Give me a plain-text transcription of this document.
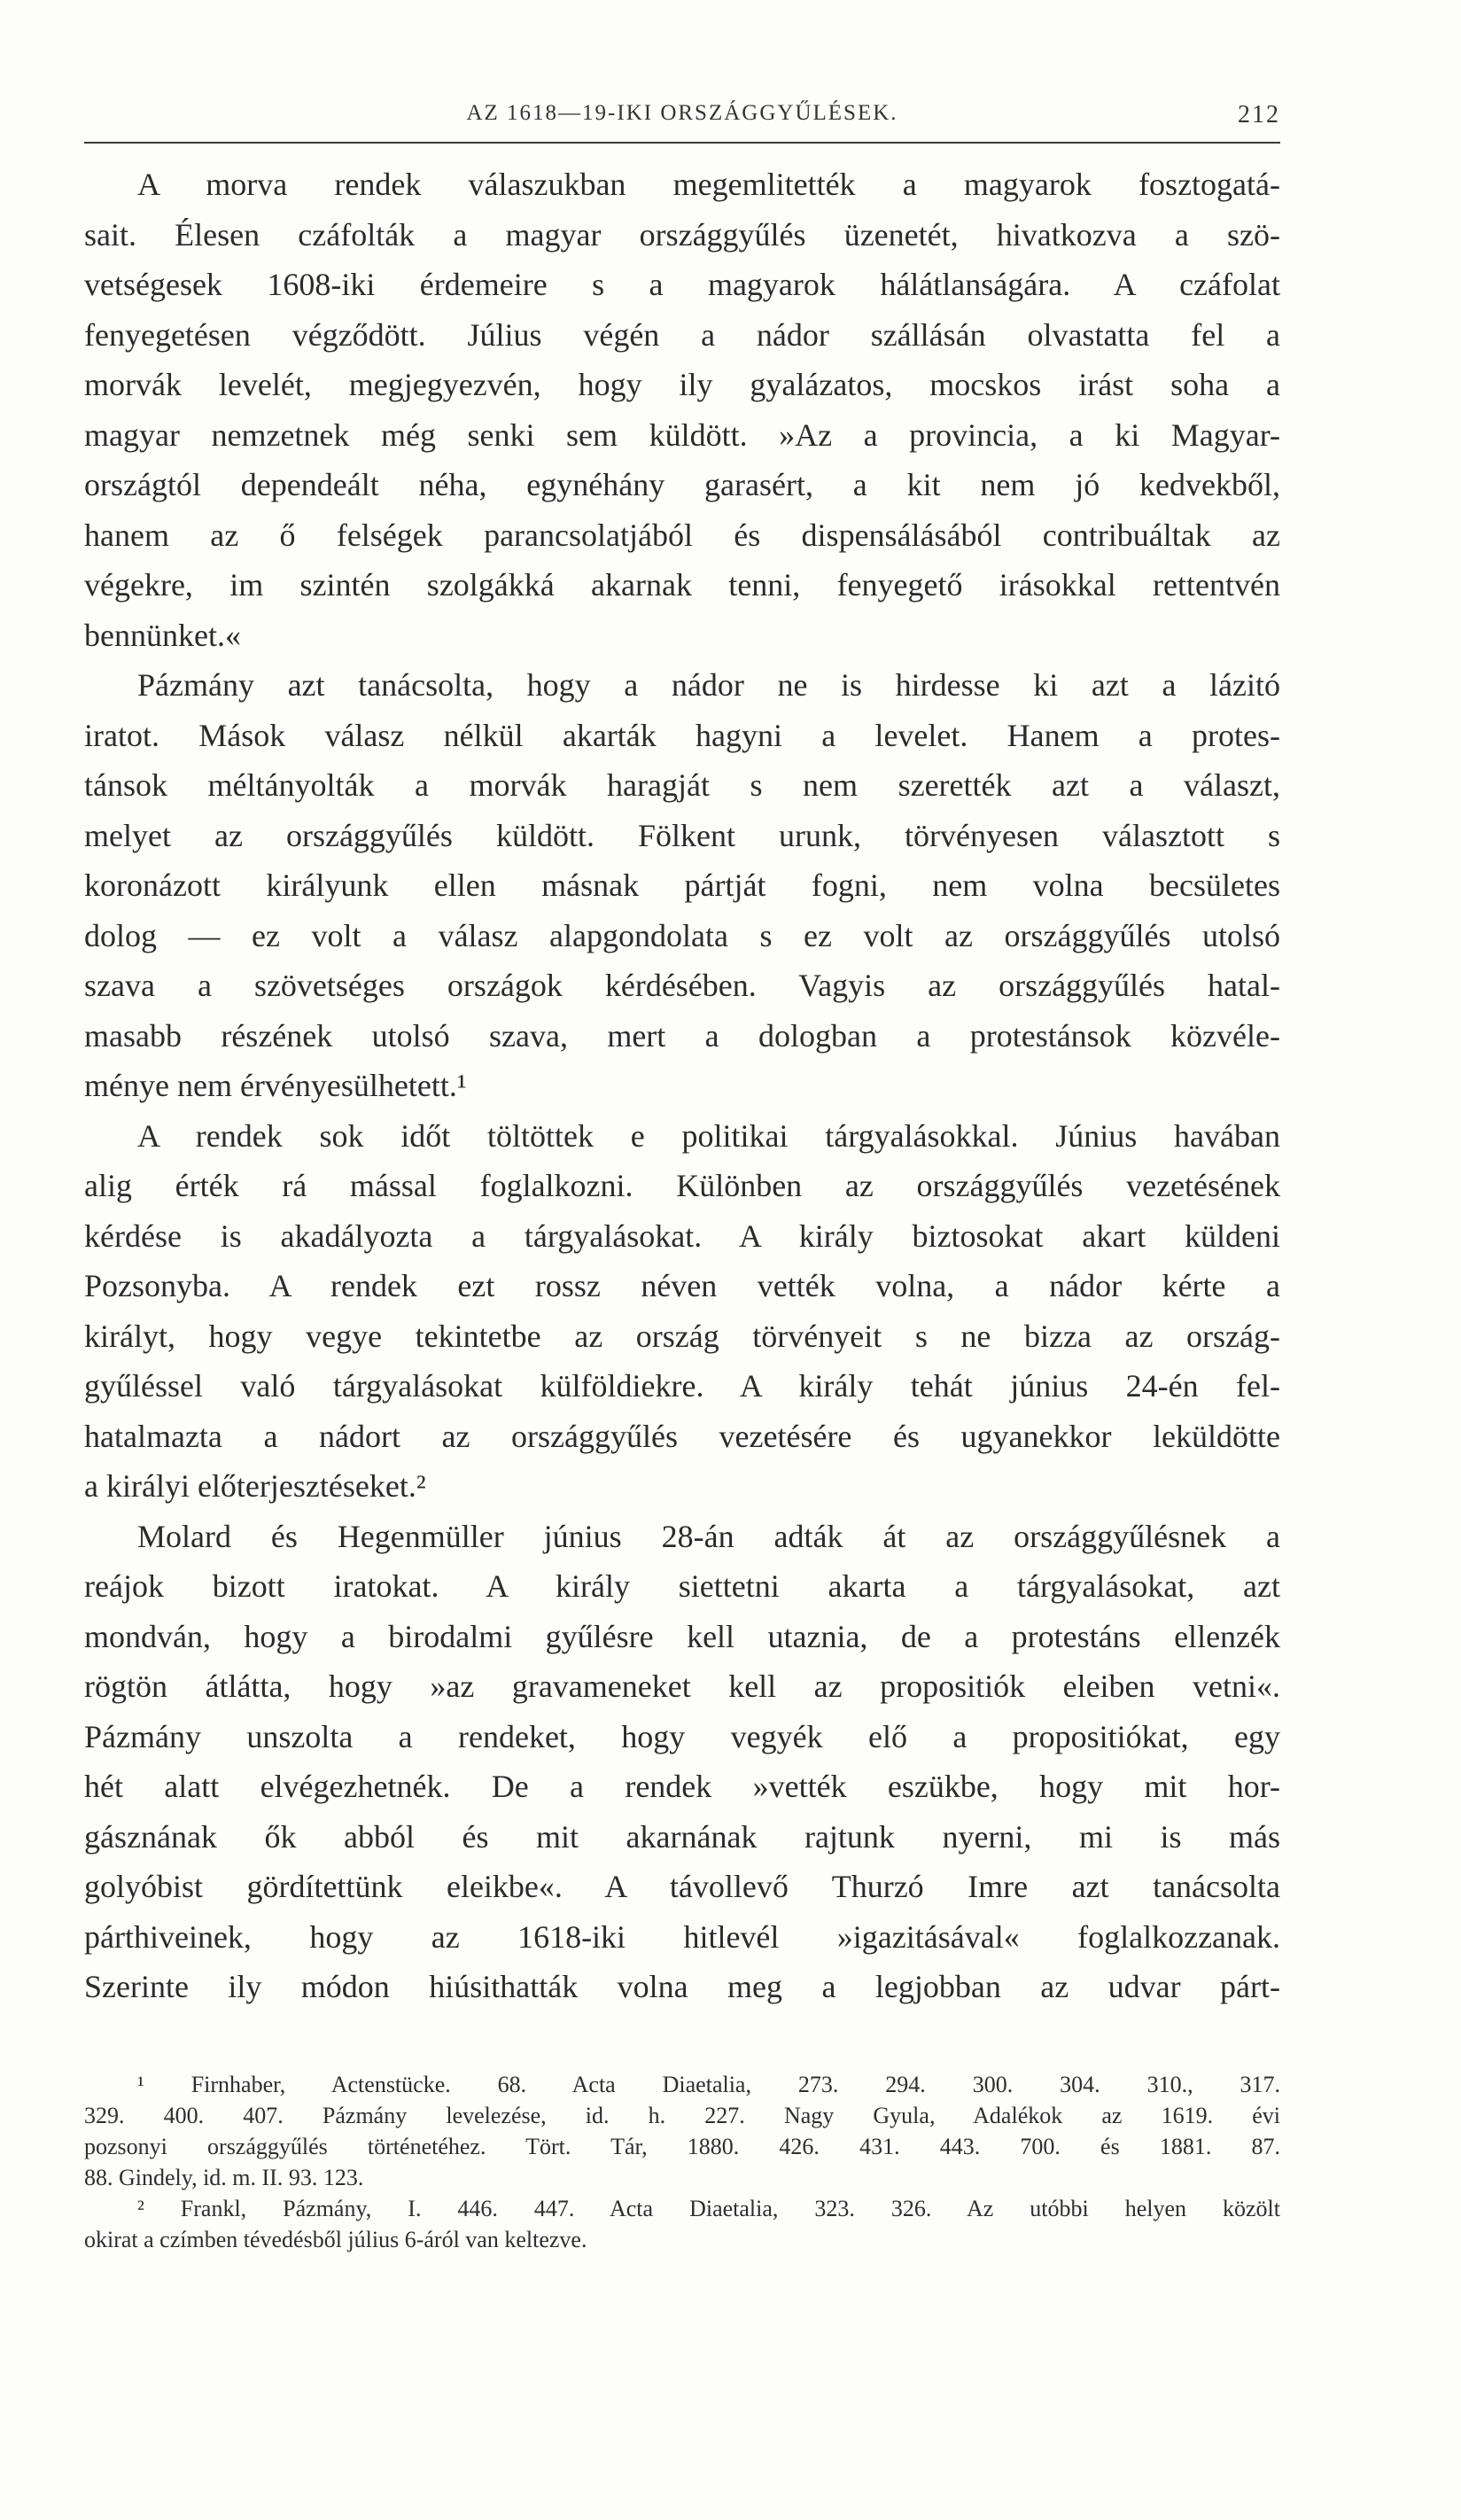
AZ 1618—19-IKI ORSZÁGGYŰLÉSEK.	212
A morva rendek válaszukban megemlitették a magyarok fosztogatá-
sait. Élesen czáfolták a magyar országgyűlés üzenetét, hivatkozva a szö-
vetségesek 1608-iki érdemeire s a magyarok hálátlanságára. A czáfolat
fenyegetésen végződött. Július végén a nádor szállásán olvastatta fel a
morvák levelét, megjegyezvén, hogy ily gyalázatos, mocskos irást soha a
magyar nemzetnek még senki sem küldött. »Az a provincia, a ki Magyar-
országtól dependeált néha, egynéhány garasért, a kit nem jó kedvekből,
hanem az ő felségek parancsolatjából és dispensálásából contribuáltak az
végekre, im szintén szolgákká akarnak tenni, fenyegető irásokkal rettentvén
bennünket.«
Pázmány azt tanácsolta, hogy a nádor ne is hirdesse ki azt a lázitó
iratot. Mások válasz nélkül akarták hagyni a levelet. Hanem a protes-
tánsok méltányolták a morvák haragját s nem szerették azt a választ,
melyet az országgyűlés küldött. Fölkent urunk, törvényesen választott s
koronázott királyunk ellen másnak pártját fogni, nem volna becsületes
dolog — ez volt a válasz alapgondolata s ez volt az országgyűlés utolsó
szava a szövetséges országok kérdésében. Vagyis az országgyűlés hatal-
masabb részének utolsó szava, mert a dologban a protestánsok közvéle-
ménye nem érvényesülhetett.¹
A rendek sok időt töltöttek e politikai tárgyalásokkal. Június havában
alig érték rá mással foglalkozni. Különben az országgyűlés vezetésének
kérdése is akadályozta a tárgyalásokat. A király biztosokat akart küldeni
Pozsonyba. A rendek ezt rossz néven vették volna, a nádor kérte a
királyt, hogy vegye tekintetbe az ország törvényeit s ne bizza az ország-
gyűléssel való tárgyalásokat külföldiekre. A király tehát június 24-én fel-
hatalmazta a nádort az országgyűlés vezetésére és ugyanekkor leküldötte
a királyi előterjesztéseket.²
Molard és Hegenmüller június 28-án adták át az országgyűlésnek a
reájok bizott iratokat. A király siettetni akarta a tárgyalásokat, azt
mondván, hogy a birodalmi gyűlésre kell utaznia, de a protestáns ellenzék
rögtön átlátta, hogy »az gravameneket kell az propositiók eleiben vetni«.
Pázmány unszolta a rendeket, hogy vegyék elő a propositiókat, egy
hét alatt elvégezhetnék. De a rendek »vették eszükbe, hogy mit hor-
gásznának ők abból és mit akarnának rajtunk nyerni, mi is más
golyóbist gördítettünk eleikbe«. A távollevő Thurzó Imre azt tanácsolta
párthiveinek, hogy az 1618-iki hitlevél »igazitásával« foglalkozzanak.
Szerinte ily módon hiúsithatták volna meg a legjobban az udvar párt-
¹ Firnhaber, Actenstücke. 68. Acta Diaetalia, 273. 294. 300. 304. 310., 317.
329. 400. 407. Pázmány levelezése, id. h. 227. Nagy Gyula, Adalékok az 1619. évi
pozsonyi országgyűlés történetéhez. Tört. Tár, 1880. 426. 431. 443. 700. és 1881. 87.
88. Gindely, id. m. II. 93. 123.
² Frankl, Pázmány, I. 446. 447. Acta Diaetalia, 323. 326. Az utóbbi helyen közölt
okirat a czímben tévedésből július 6-áról van keltezve.
